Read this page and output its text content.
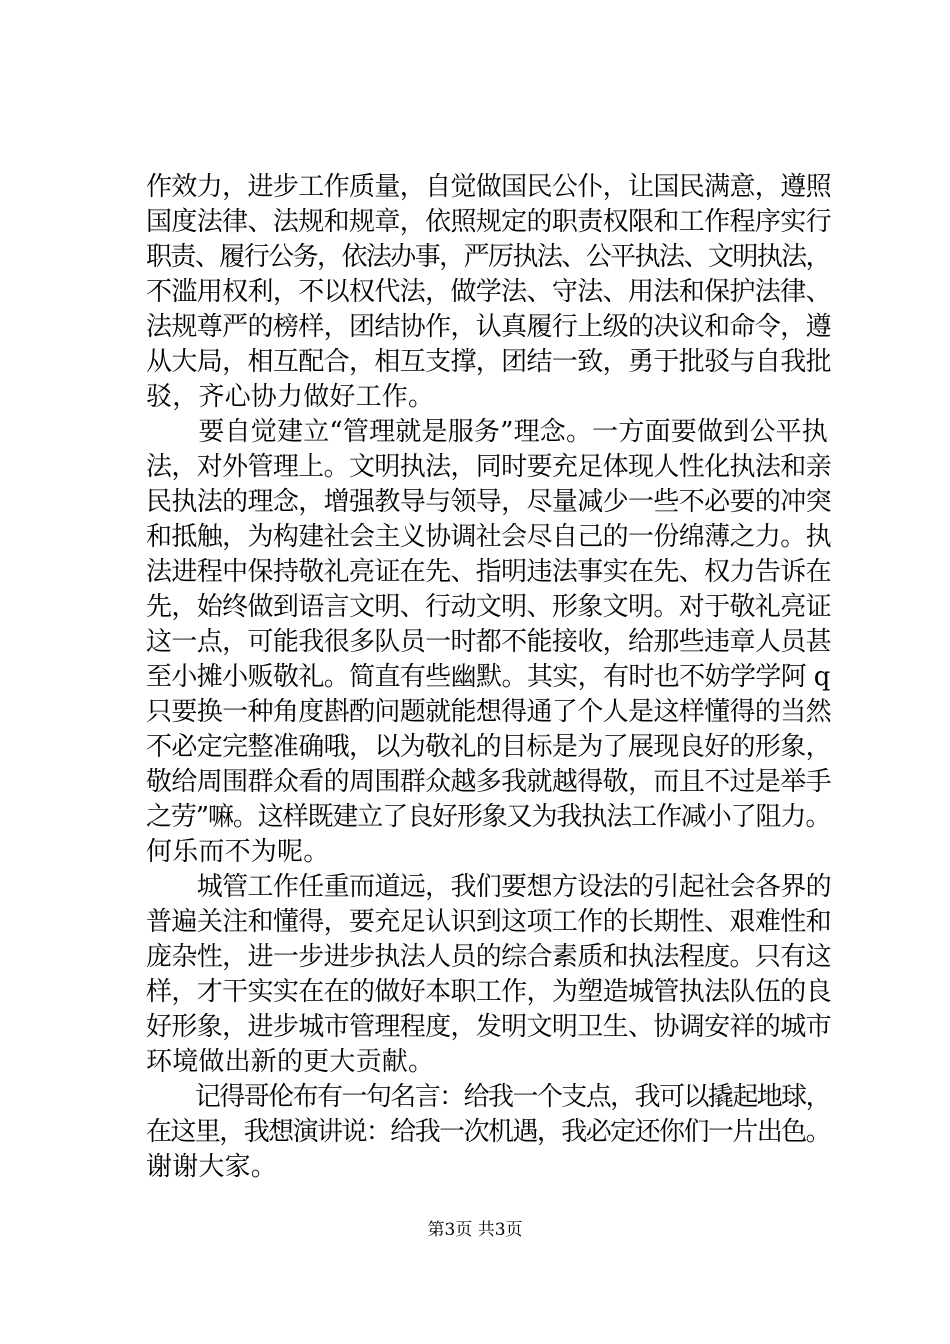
作效力，进步工作质量，自觉做国民公仆，让国民满意，遵照
国度法律、法规和规章，依照规定的职责权限和工作程序实行
职责、履行公务，依法办事，严厉执法、公平执法、文明执法，
不滥用权利，不以权代法，做学法、守法、用法和保护法律、
法规尊严的榜样，团结协作，认真履行上级的决议和命令，遵
从大局，相互配合，相互支撑，团结一致，勇于批驳与自我批
驳，齐心协力做好工作。

　　要自觉建立“管理就是服务”理念。一方面要做到公平执
法，对外管理上。文明执法，同时要充足体现人性化执法和亲
民执法的理念，增强教导与领导，尽量减少一些不必要的冲突
和抵触，为构建社会主义协调社会尽自己的一份绵薄之力。执
法进程中保持敬礼亮证在先、指明违法事实在先、权力告诉在
先，始终做到语言文明、行动文明、形象文明。对于敬礼亮证
这一点，可能我很多队员一时都不能接收，给那些违章人员甚
至小摊小贩敬礼。简直有些幽默。其实，有时也不妨学学阿 q
只要换一种角度斟酌问题就能想得通了个人是这样懂得的当然
不必定完整准确哦，以为敬礼的目标是为了展现良好的形象，
敬给周围群众看的周围群众越多我就越得敬，而且不过是举手
之劳”嘛。这样既建立了良好形象又为我执法工作减小了阻力。
何乐而不为呢。

　　城管工作任重而道远，我们要想方设法的引起社会各界的
普遍关注和懂得，要充足认识到这项工作的长期性、艰难性和
庞杂性，进一步进步执法人员的综合素质和执法程度。只有这
样，才干实实在在的做好本职工作，为塑造城管执法队伍的良
好形象，进步城市管理程度，发明文明卫生、协调安祥的城市
环境做出新的更大贡献。

　　记得哥伦布有一句名言：给我一个支点，我可以撬起地球，
在这里，我想演讲说：给我一次机遇，我必定还你们一片出色。
谢谢大家。

第3页 共3页
